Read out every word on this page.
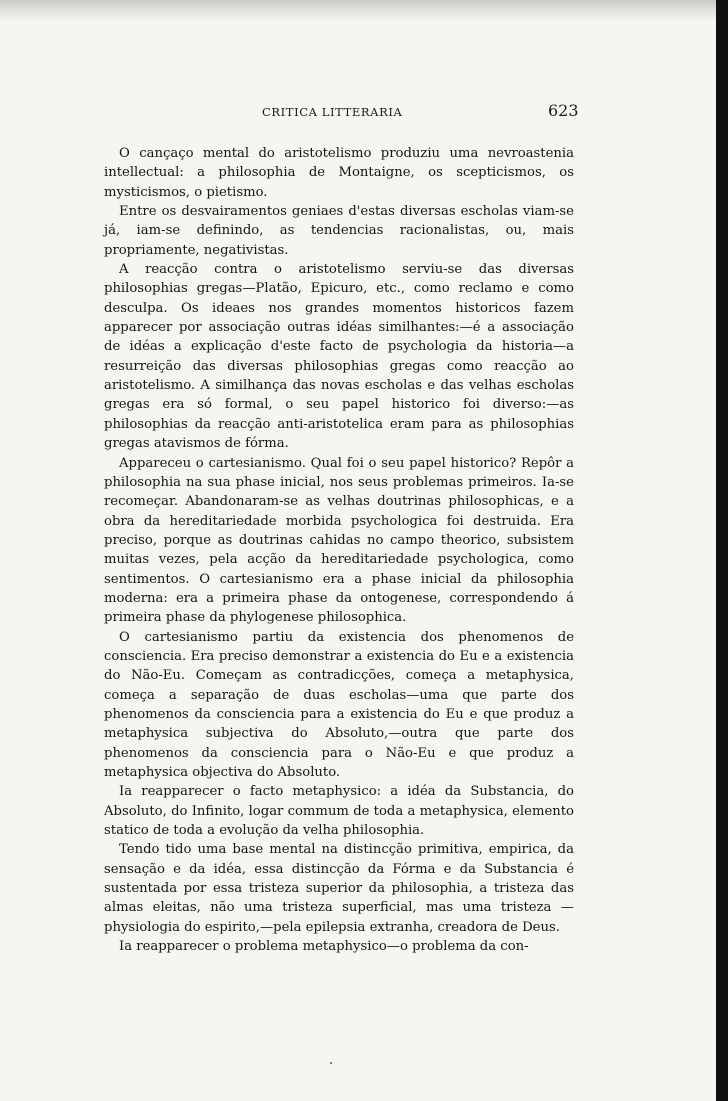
CRITICA LITTERARIA	623

O cançaço mental do aristotelismo produziu uma nevroastenia intellectual: a philosophia de Montaigne, os scepticismos, os mysticismos, o pietismo.

Entre os desvairamentos geniaes d'estas diversas escholas viam-se já, iam-se definindo, as tendencias racionalistas, ou, mais propriamente, negativistas.

A reacção contra o aristotelismo serviu-se das diversas philosophias gregas—Platão, Epicuro, etc., como reclamo e como desculpa. Os ideaes nos grandes momentos historicos fazem apparecer por associação outras idéas similhantes:—é a associação de idéas a explicação d'este facto de psychologia da historia—a resurreição das diversas philosophias gregas como reacção ao aristotelismo. A similhança das novas escholas e das velhas escholas gregas era só formal, o seu papel historico foi diverso:—as philosophias da reacção anti-aristotelica eram para as philosophias gregas atavismos de fórma.

Appareceu o cartesianismo. Qual foi o seu papel historico? Repôr a philosophia na sua phase inicial, nos seus problemas primeiros. Ia-se recomeçar. Abandonaram-se as velhas doutrinas philosophicas, e a obra da hereditariedade morbida psychologica foi destruida. Era preciso, porque as doutrinas cahidas no campo theorico, subsistem muitas vezes, pela acção da hereditariedade psychologica, como sentimentos. O cartesianismo era a phase inicial da philosophia moderna: era a primeira phase da ontogenese, correspondendo á primeira phase da phylogenese philosophica.

O cartesianismo partiu da existencia dos phenomenos de consciencia. Era preciso demonstrar a existencia do Eu e a existencia do Não-Eu. Começam as contradicções, começa a metaphysica, começa a separação de duas escholas—uma que parte dos phenomenos da consciencia para a existencia do Eu e que produz a metaphysica subjectiva do Absoluto,—outra que parte dos phenomenos da consciencia para o Não-Eu e que produz a metaphysica objectiva do Absoluto.

Ia reapparecer o facto metaphysico: a idéa da Substancia, do Absoluto, do Infinito, logar commum de toda a metaphysica, elemento statico de toda a evolução da velha philosophia.

Tendo tido uma base mental na distincção primitiva, empirica, da sensação e da idéa, essa distincção da Fórma e da Substancia é sustentada por essa tristeza superior da philosophia, a tristeza das almas eleitas, não uma tristeza superficial, mas uma tristeza —physiologia do espirito,—pela epilepsia extranha, creadora de Deus.

Ia reapparecer o problema metaphysico—o problema da con-
